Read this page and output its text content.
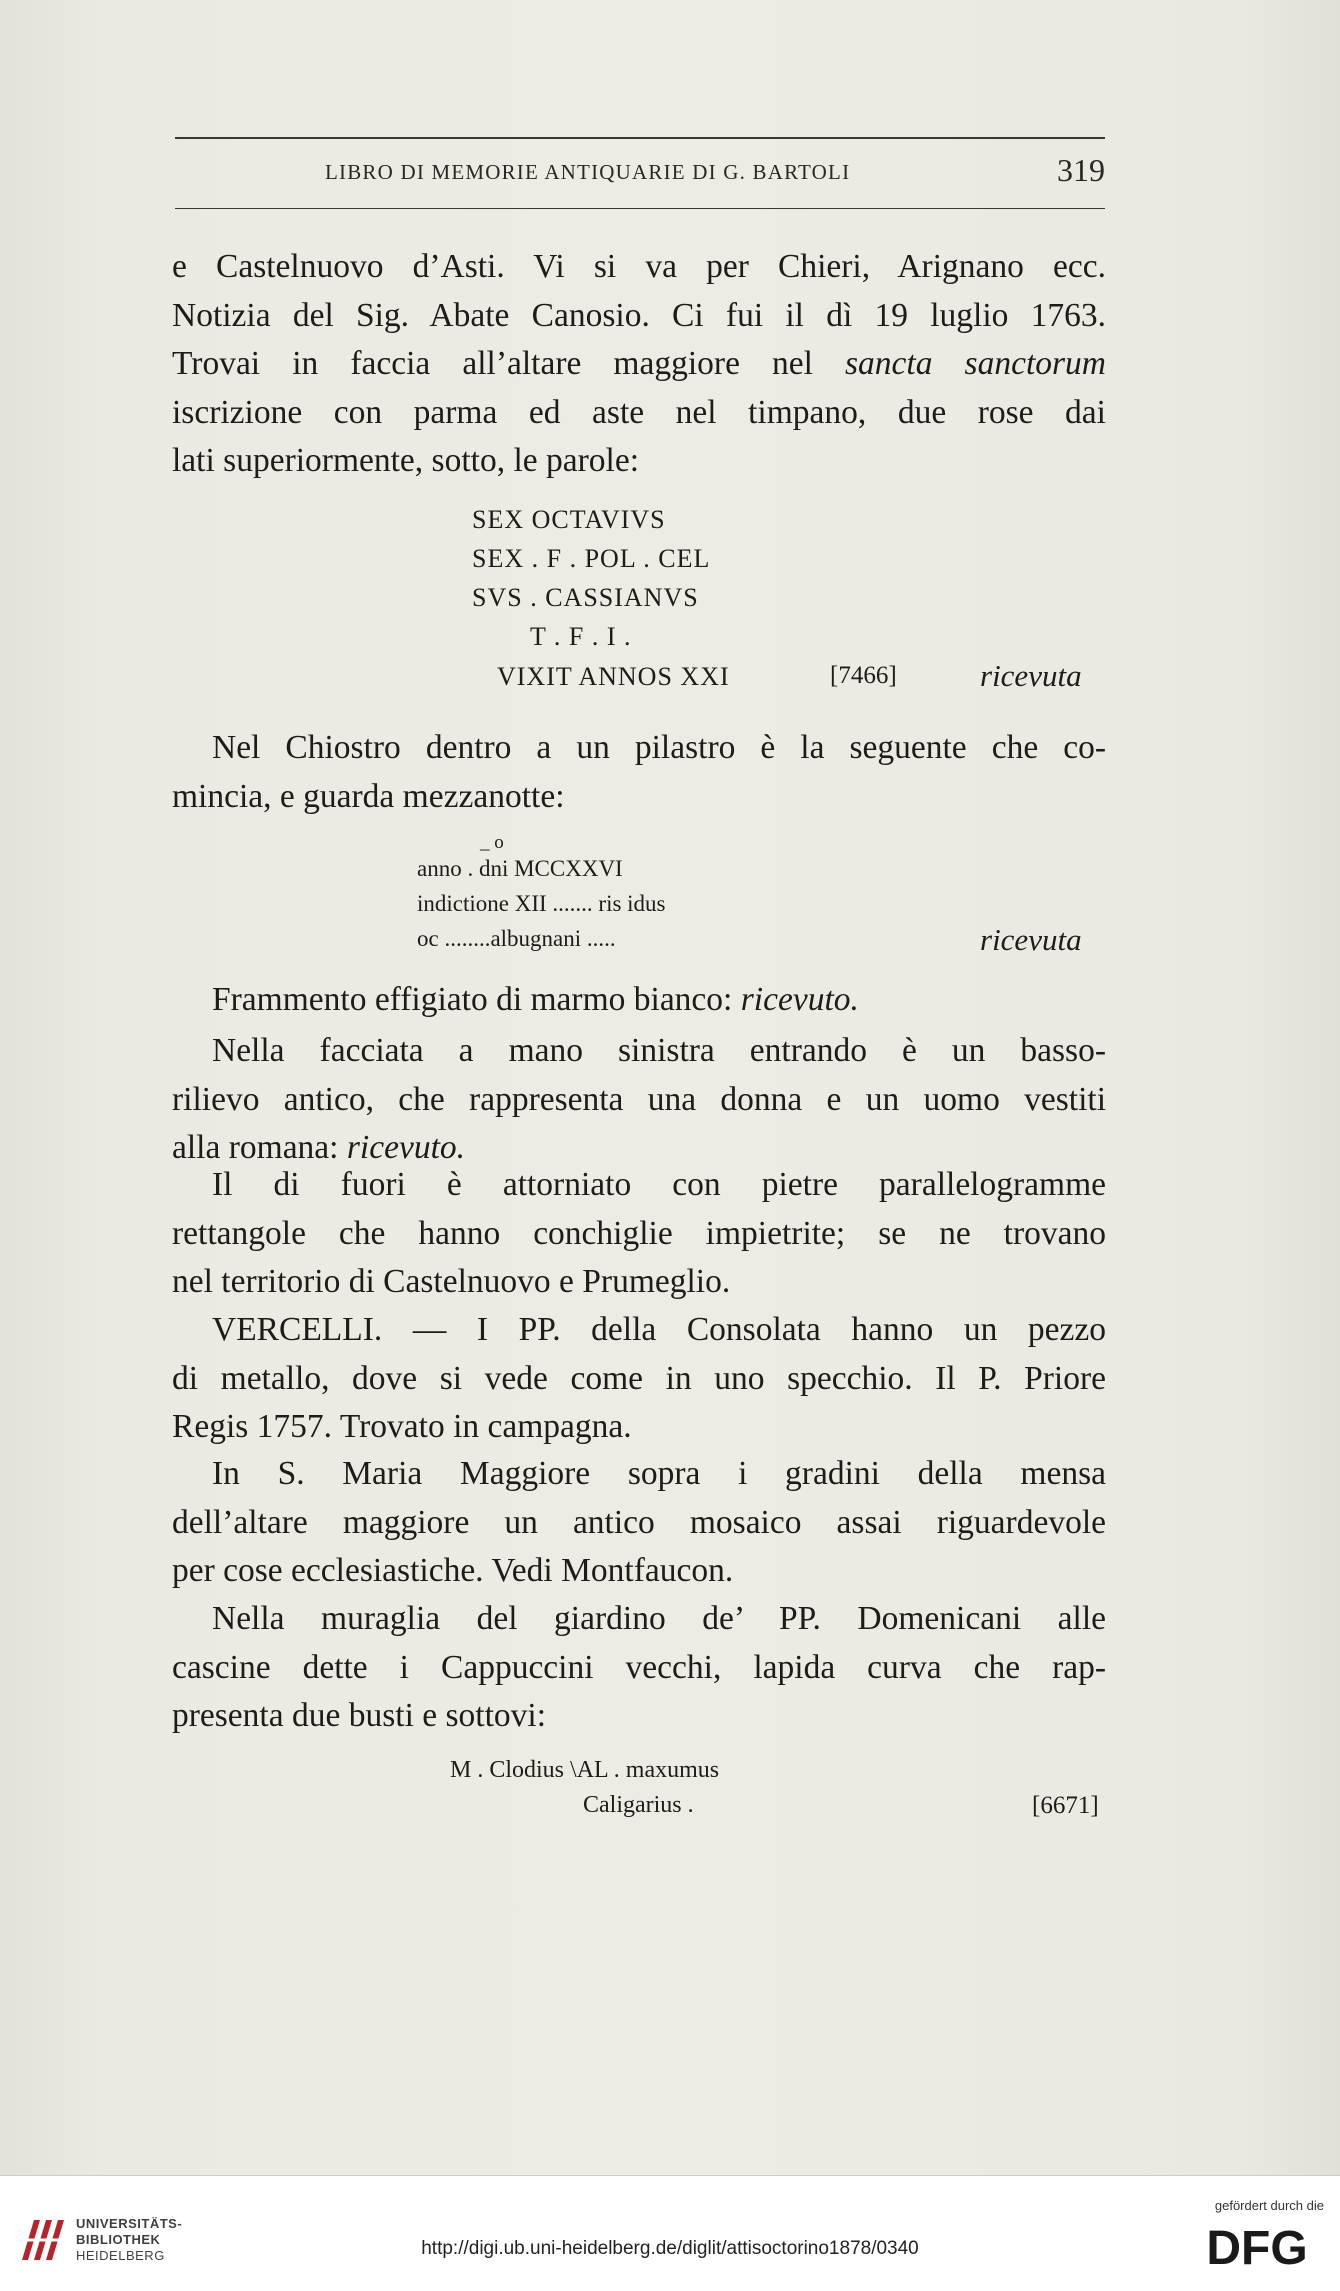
LIBRO DI MEMORIE ANTIQUARIE DI G. BARTOLI	319
e Castelnuovo d’Asti. Vi si va per Chieri, Arignano ecc.
Notizia del Sig. Abate Canosio. Ci fui il dì 19 luglio 1763.
Trovai in faccia all’altare maggiore nel sancta sanctorum
iscrizione con parma ed aste nel timpano, due rose dai
lati superiormente, sotto, le parole:
SEX OCTAVIVS
SEX . F . POL . CEL
SVS . CASSIANVS
T . F . I .
VIXIT ANNOS XXI	[7466]	ricevuta
Nel Chiostro dentro a un pilastro è la seguente che co-
mincia, e guarda mezzanotte:
_ o
anno . dni MCCXXVI
indictione XII ....... ris idus
oc ........albugnani .....	ricevuta
Frammento effigiato di marmo bianco: ricevuto.
Nella facciata a mano sinistra entrando è un basso-
rilievo antico, che rappresenta una donna e un uomo vestiti
alla romana: ricevuto.
Il di fuori è attorniato con pietre parallelogramme
rettangole che hanno conchiglie impietrite; se ne trovano
nel territorio di Castelnuovo e Prumeglio.
VERCELLI. — I PP. della Consolata hanno un pezzo
di metallo, dove si vede come in uno specchio. Il P. Priore
Regis 1757. Trovato in campagna.
In S. Maria Maggiore sopra i gradini della mensa
dell’altare maggiore un antico mosaico assai riguardevole
per cose ecclesiastiche. Vedi Montfaucon.
Nella muraglia del giardino de’ PP. Domenicani alle
cascine dette i Cappuccini vecchi, lapida curva che rap-
presenta due busti e sottovi:
M . Clodius \AL . maxumus
Caligarius .	[6671]
UNIVERSITÄTS-
BIBLIOTHEK
HEIDELBERG	http://digi.ub.uni-heidelberg.de/diglit/attisoctorino1878/0340
gefördert durch die
DFG
